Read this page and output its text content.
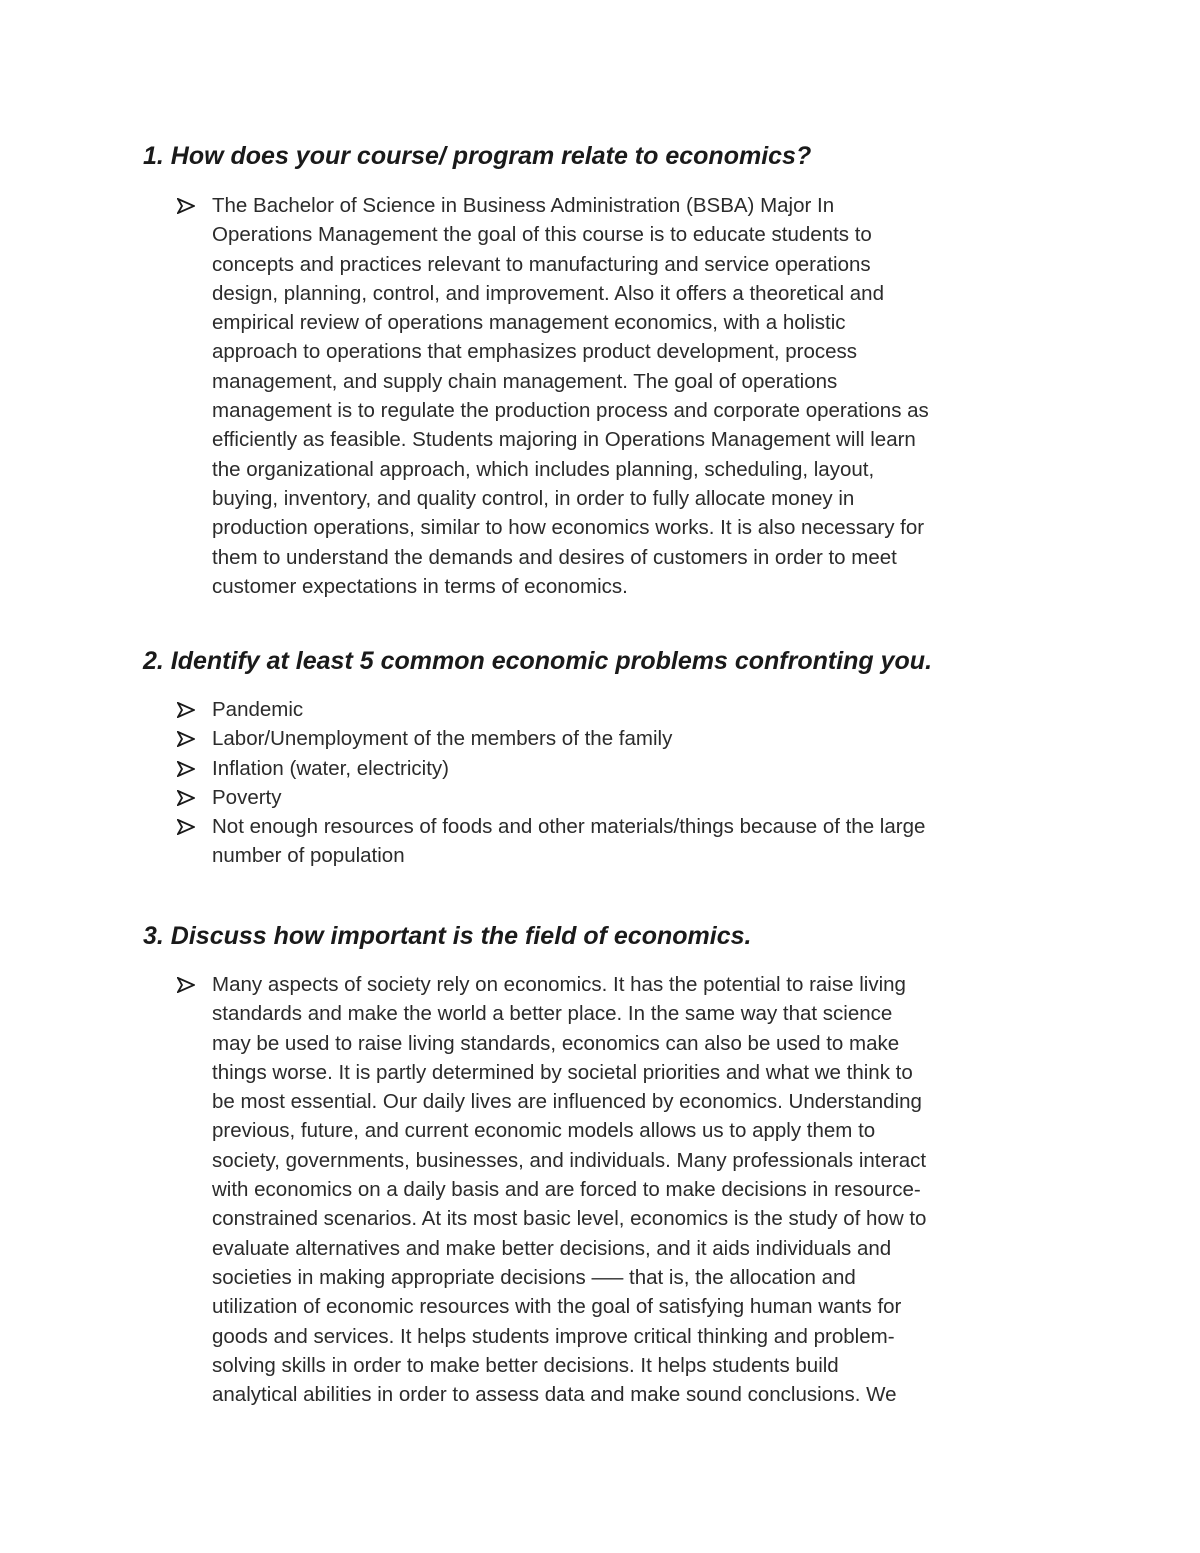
1. How does your course/ program relate to economics?
The Bachelor of Science in Business Administration (BSBA) Major In
Operations Management the goal of this course is to educate students to
concepts and practices relevant to manufacturing and service operations
design, planning, control, and improvement. Also it offers a theoretical and
empirical review of operations management economics, with a holistic
approach to operations that emphasizes product development, process
management, and supply chain management. The goal of operations
management is to regulate the production process and corporate operations as
efficiently as feasible. Students majoring in Operations Management will learn
the organizational approach, which includes planning, scheduling, layout,
buying, inventory, and quality control, in order to fully allocate money in
production operations, similar to how economics works. It is also necessary for
them to understand the demands and desires of customers in order to meet
customer expectations in terms of economics.
2. Identify at least 5 common economic problems confronting you.
Pandemic
Labor/Unemployment of the members of the family
Inflation (water, electricity)
Poverty
Not enough resources of foods and other materials/things because of the large
number of population
3. Discuss how important is the field of economics.
Many aspects of society rely on economics. It has the potential to raise living
standards and make the world a better place. In the same way that science
may be used to raise living standards, economics can also be used to make
things worse. It is partly determined by societal priorities and what we think to
be most essential. Our daily lives are influenced by economics. Understanding
previous, future, and current economic models allows us to apply them to
society, governments, businesses, and individuals. Many professionals interact
with economics on a daily basis and are forced to make decisions in resource-
constrained scenarios. At its most basic level, economics is the study of how to
evaluate alternatives and make better decisions, and it aids individuals and
societies in making appropriate decisions —– that is, the allocation and
utilization of economic resources with the goal of satisfying human wants for
goods and services. It helps students improve critical thinking and problem-
solving skills in order to make better decisions. It helps students build
analytical abilities in order to assess data and make sound conclusions. We
